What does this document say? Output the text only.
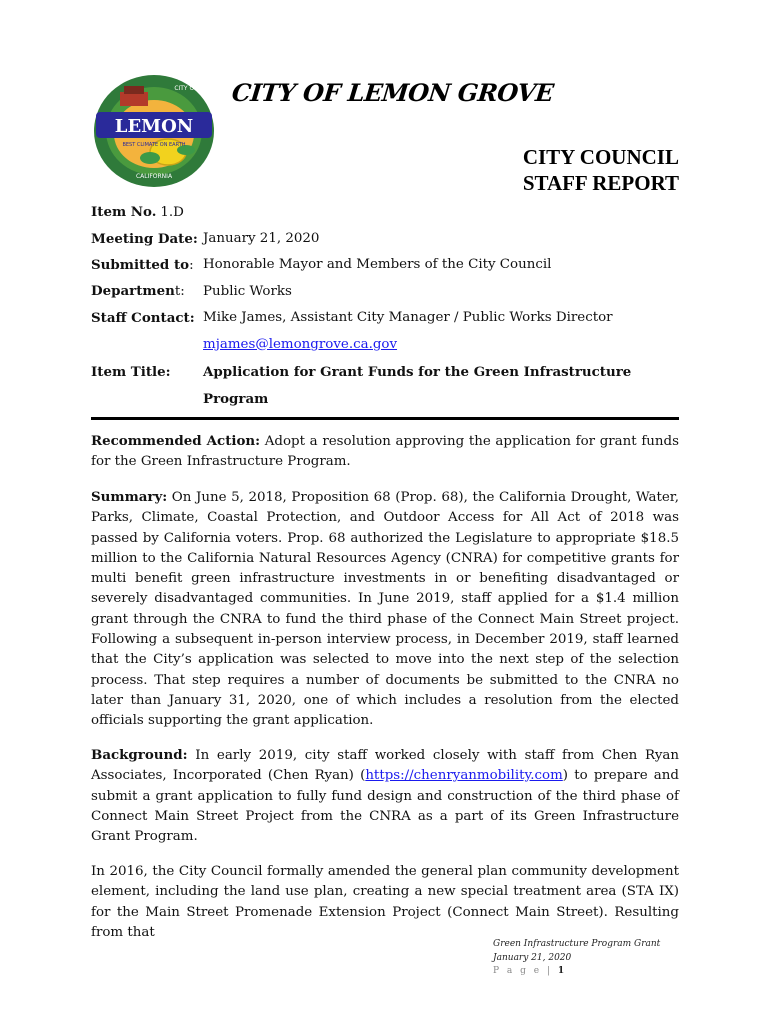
LEMON
CALIFORNIA
BEST CLIMATE ON EARTH
CITY OF CITY OF LEMON GROVE
CITY COUNCIL
STAFF REPORT
Item No. 1.D
Meeting Date: January 21, 2020
Submitted to: Honorable Mayor and Members of the City Council
Department:	Public Works
Staff Contact: Mike James, Assistant City Manager / Public Works Director
mjames@lemongrove.ca.gov
Item Title:	Application for Grant Funds for the Green Infrastructure Program
Recommended Action: Adopt a resolution approving the application for grant funds for the Green Infrastructure Program.
Summary: On June 5, 2018, Proposition 68 (Prop. 68), the California Drought, Water, Parks, Climate, Coastal Protection, and Outdoor Access for All Act of 2018 was passed by California voters. Prop. 68 authorized the Legislature to appropriate $18.5 million to the California Natural Resources Agency (CNRA) for competitive grants for multi benefit green infrastructure investments in or benefiting disadvantaged or severely disadvantaged communities. In June 2019, staff applied for a $1.4 million grant through the CNRA to fund the third phase of the Connect Main Street project. Following a subsequent in-person interview process, in December 2019, staff learned that the City’s application was selected to move into the next step of the selection process. That step requires a number of documents be submitted to the CNRA no later than January 31, 2020, one of which includes a resolution from the elected officials supporting the grant application.
Background: In early 2019, city staff worked closely with staff from Chen Ryan Associates, Incorporated (Chen Ryan) (https://chenryanmobility.com) to prepare and submit a grant application to fully fund design and construction of the third phase of Connect Main Street Project from the CNRA as a part of its Green Infrastructure Grant Program.
In 2016, the City Council formally amended the general plan community development element, including the land use plan, creating a new special treatment area (STA IX) for the Main Street Promenade Extension Project (Connect Main Street). Resulting from that
Green Infrastructure Program Grant
January 21, 2020
P a g e | 1
